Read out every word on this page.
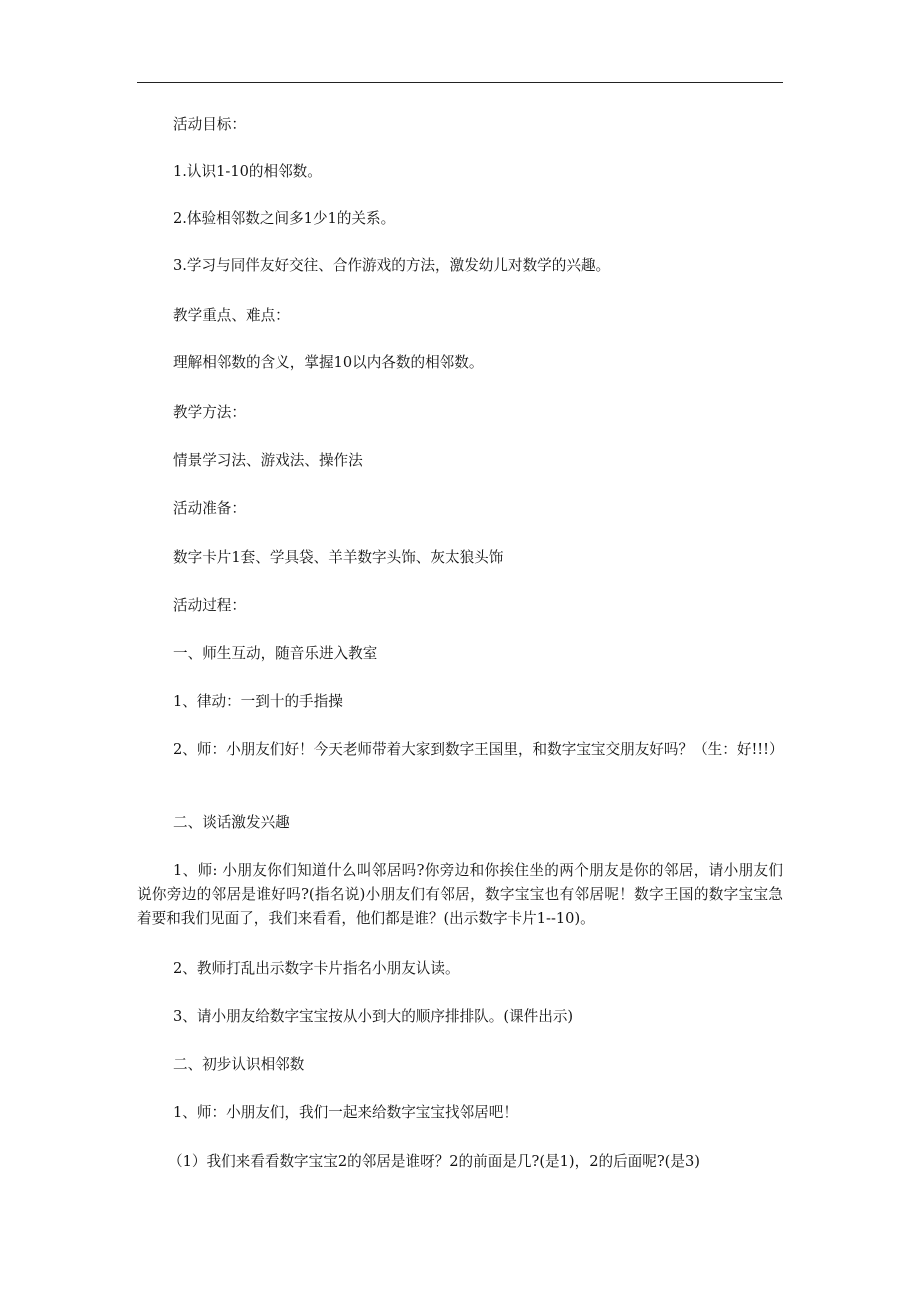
活动目标：

1.认识1-10的相邻数。

2.体验相邻数之间多1少1的关系。

3.学习与同伴友好交往、合作游戏的方法，激发幼儿对数学的兴趣。

教学重点、难点：

理解相邻数的含义，掌握10以内各数的相邻数。

教学方法：

情景学习法、游戏法、操作法

活动准备：

数字卡片1套、学具袋、羊羊数字头饰、灰太狼头饰

活动过程：

一、师生互动，随音乐进入教室

1、律动：一到十的手指操

2、师：小朋友们好！今天老师带着大家到数字王国里，和数字宝宝交朋友好吗？（生：好!!!）

二、谈话激发兴趣

1、师: 小朋友你们知道什么叫邻居吗?你旁边和你挨住坐的两个朋友是你的邻居，请小朋友们说你旁边的邻居是谁好吗?(指名说)小朋友们有邻居，数字宝宝也有邻居呢！数字王国的数字宝宝急着要和我们见面了，我们来看看，他们都是谁？(出示数字卡片1--10)。

2、教师打乱出示数字卡片指名小朋友认读。

3、请小朋友给数字宝宝按从小到大的顺序排排队。(课件出示)

二、初步认识相邻数

1、师：小朋友们，我们一起来给数字宝宝找邻居吧！

（1）我们来看看数字宝宝2的邻居是谁呀？2的前面是几?(是1)，2的后面呢?(是3)
